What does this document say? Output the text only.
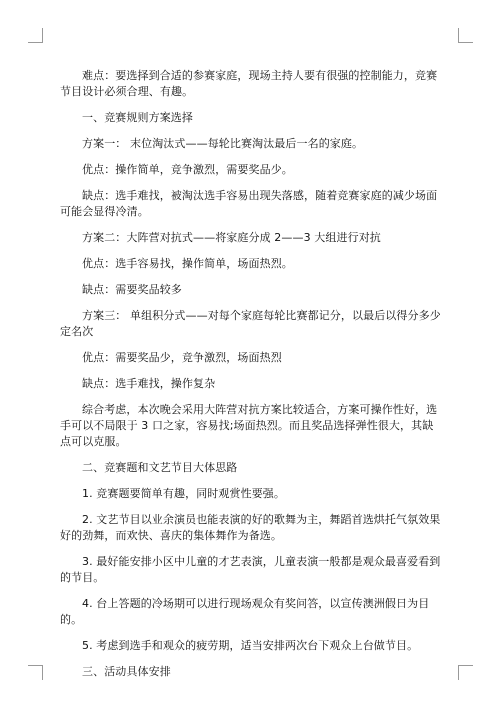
难点：要选择到合适的参赛家庭，现场主持人要有很强的控制能力，竞赛节目设计必须合理、有趣。

一、竞赛规则方案选择

方案一： 末位淘汰式——每轮比赛淘汰最后一名的家庭。

优点：操作简单，竞争激烈，需要奖品少。

缺点：选手难找，被淘汰选手容易出现失落感，随着竞赛家庭的减少场面可能会显得冷清。

方案二：大阵营对抗式——将家庭分成 2——3 大组进行对抗

优点：选手容易找，操作简单，场面热烈。

缺点：需要奖品较多

方案三： 单组积分式——对每个家庭每轮比赛都记分，以最后以得分多少定名次

优点：需要奖品少，竞争激烈，场面热烈

缺点：选手难找，操作复杂

综合考虑，本次晚会采用大阵营对抗方案比较适合，方案可操作性好，选手可以不局限于 3 口之家，容易找;场面热烈。而且奖品选择弹性很大，其缺点可以克服。

二、竞赛题和文艺节目大体思路

1. 竞赛题要简单有趣，同时观赏性要强。

2. 文艺节目以业余演员也能表演的好的歌舞为主，舞蹈首选烘托气氛效果好的劲舞，而欢快、喜庆的集体舞作为备选。

3. 最好能安排小区中儿童的才艺表演，儿童表演一般都是观众最喜爱看到的节目。

4. 台上答题的冷场期可以进行现场观众有奖问答，以宣传澳洲假日为目的。

5. 考虑到选手和观众的疲劳期，适当安排两次台下观众上台做节目。

三、活动具体安排
